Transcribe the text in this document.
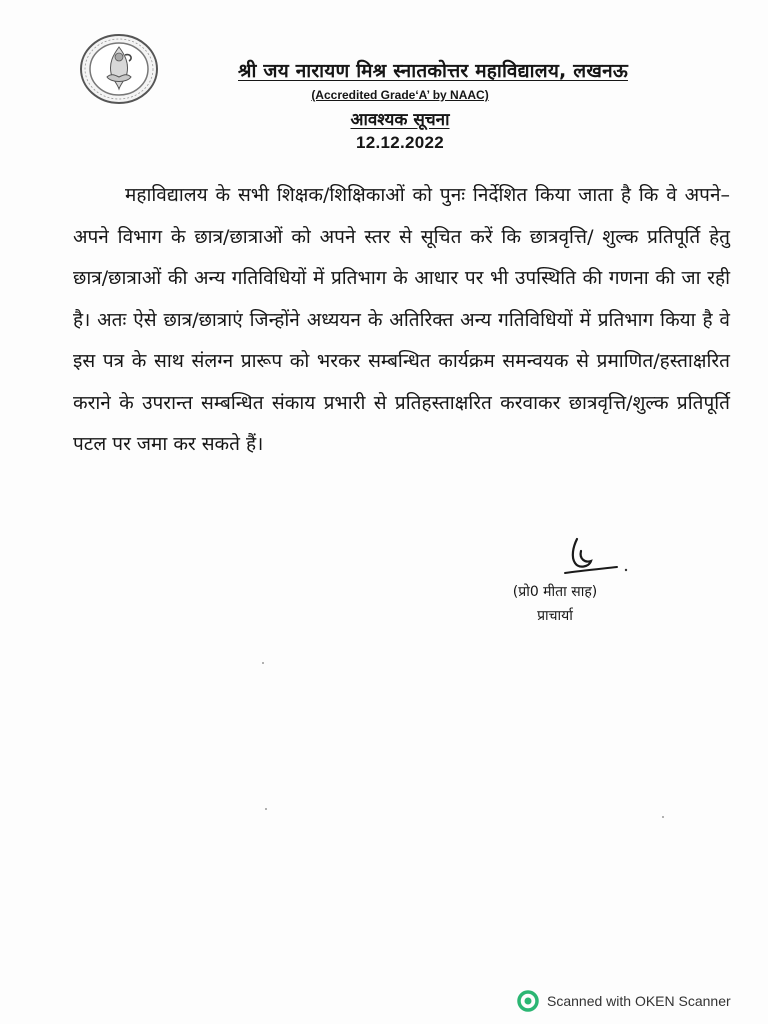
श्री जय नारायण मिश्र स्नातकोत्तर महाविद्यालय, लखनऊ
(Accredited Grade‘A’ by NAAC)
आवश्यक सूचना
12.12.2022

महाविद्यालय के सभी शिक्षक/शिक्षिकाओं को पुनः निर्देशित किया जाता है कि वे अपने–अपने विभाग के छात्र/छात्राओं को अपने स्तर से सूचित करें कि छात्रवृत्ति/ शुल्क प्रतिपूर्ति हेतु छात्र/छात्राओं की अन्य गतिविधियों में प्रतिभाग के आधार पर भी उपस्थिति की गणना की जा रही है। अतः ऐसे छात्र/छात्राएं जिन्होंने अध्ययन के अतिरिक्त अन्य गतिविधियों में प्रतिभाग किया है वे इस पत्र के साथ संलग्न प्रारूप को भरकर सम्बन्धित कार्यक्रम समन्वयक से प्रमाणित/हस्ताक्षरित कराने के उपरान्त सम्बन्धित संकाय प्रभारी से प्रतिहस्ताक्षरित करवाकर छात्रवृत्ति/शुल्क प्रतिपूर्ति पटल पर जमा कर सकते हैं।

(प्रो0 मीता साह)
प्राचार्या
Scanned with OKEN Scanner
